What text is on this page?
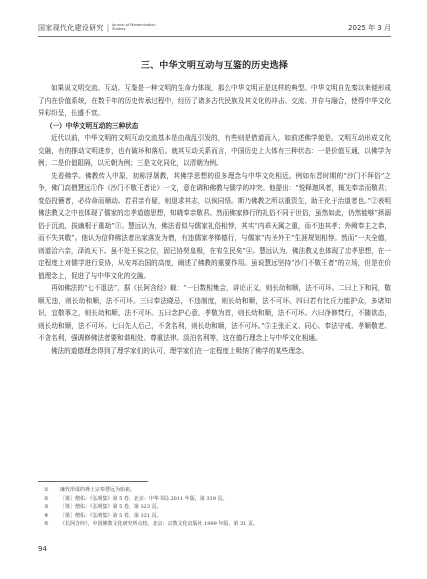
国家现代化建设研究 | Journal of Modernization Studies	2025 年 3 月
三、中华文明互动与互鉴的历史选择

如果说文明交流、互动、互鉴是一种文明的生命力体现，那么中华文明正是这样的典型。中华文明自先秦以来便形成了内在价值系统，在数千年的历史传承过程中，经历了诸多古代民族及其文化的冲击、交流、并存与融合，使得中华文化异彩纷呈，长盛不衰。

（一）中华文明互动的三种状态

近代以前，中华文明的文明互动交流基本是由战乱引发的，有些则是借道而入，如前述佛学便是。文明互动形成文化交融，有的推动文明进步，也有破坏和落后。就其互动关系而言，中国历史上大体有三种状态：一是价值互通，以佛学为例；二是价值阻隔，以元朝为例；三是文化同化，以清朝为例。

先看佛学。佛教传入中原，初称浮屠教，其佛学思想的很多理念与中华文化相近。例如东晋时期的“沙门不拜俗”之争，佛门高僧慧远①作《沙门不敬王者论》一文，意在调和佛教与儒学的冲突。他提出：“悦释迦风者，辄先奉亲而敬君；变俗投簪者，必待命而顺动。若君亲有疑，则退求其志，以俟同悟。斯乃佛教之所以重资生，助王化于治道者也。”②表明佛法教义之中也体现了儒家的忠孝道德思想，知晓奉亲敬君。然而佛家修行的礼俗不同于世俗，虽然如此，仍然能够“拯溺俗于沉流，拔幽根于重劫”③。慧远认为，佛法看似与儒家礼俗相悖，其实“内乖天属之重，而不违其孝；外阙奉主之恭，而不失其敬”。他认为信仰佛法者出家落发为僧，有违儒家孝悌德行，与儒家“内圣外王”生涯规划相悖。然而“一夫全德，则道洽六亲，泽流天下。虽不处王侯之位，固已协契皇极，在宥生民矣”④。慧远认为，佛法教义也体现了忠孝思想，在一定程度上对儒学进行妥协，从安邦治国的高度，阐述了佛教的重要作用。虽说慧远坚持“沙门不敬王者”的立场，但是在价值理念上，促进了与中华文化的交融。

再如佛法的“七不退法”，据《长阿含经》载：“一日数相集会，讲论正义，则长幼和顺，法不可坏。二曰上下和同，敬顺无违，则长幼和顺，法不可坏。三曰奉法晓忌，不违制度，则长幼和顺，法不可坏。四曰若有比丘力能护众，多诸知识，宜敬事之，则长幼和顺，法不可坏。五曰念护心意，孝敬为首，则长幼和顺，法不可坏。六曰净修梵行，不随欲态，则长幼和顺，法不可坏。七曰先人后己，不贪名利，则长幼和顺，法不可坏。”⑤主张正义、同心、奉法守戒、孝顺敬老、不贪名利，强调修佛法者要和谐相处、尊重法律。淡泊名利等，这在德行理念上与中华文化相通。

佛法的道德理念得到了理学家们的认可，理学家们在一定程度上吸纳了佛学的某些理念。

①	廉代形成的禅士宗奉慧远为始祖。
②	［梁］僧佑：《弘明集》第 5 卷，北京：中华书局 2011 年版，第 319 页。
③	［梁］僧佑：《弘明集》第 5 卷，第 323 页。
④	［梁］僧佑：《弘明集》第 5 卷，第 321 页。
⑤	《长阿含经》，中国佛教文化研究所点校，北京：宗教文化出版社 1999 年版，第 31 页。
94
